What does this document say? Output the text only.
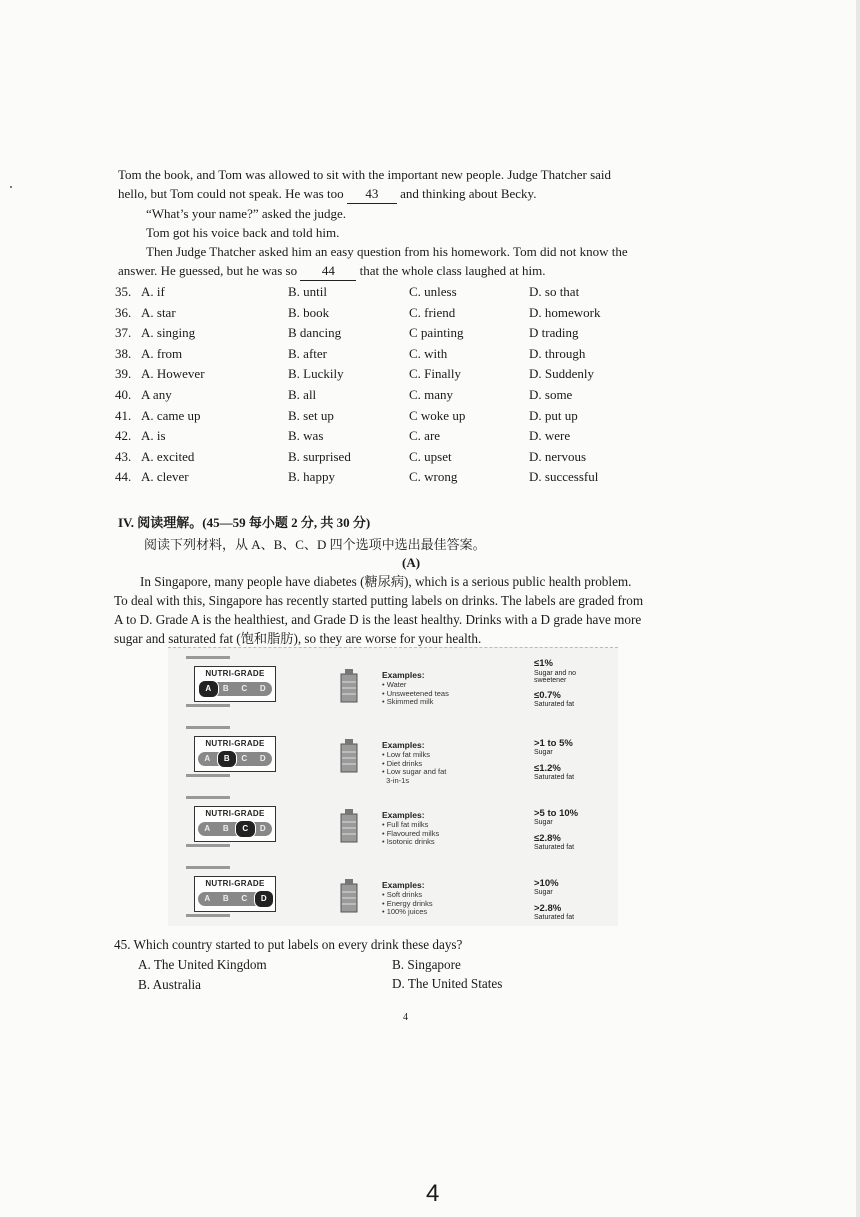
Tom the book, and Tom was allowed to sit with the important new people. Judge Thatcher said
hello, but Tom could not speak. He was too 43 and thinking about Becky.
“What’s your name?” asked the judge.
Tom got his voice back and told him.
Then Judge Thatcher asked him an easy question from his homework. Tom did not know the
answer. He guessed, but he was so 44 that the whole class laughed at him.
35. A. if	B. until	C. unless	D. so that
36. A. star	B. book	C. friend	D. homework
37. A. singing	B dancing	C painting	D trading
38. A. from	B. after	C. with	D. through
39. A. However	B. Luckily	C. Finally	D. Suddenly
40. A any	B. all	C. many	D. some
41. A. came up	B. set up	C woke up	D. put up
42. A. is	B. was	C. are	D. were
43. A. excited	B. surprised	C. upset	D. nervous
44. A. clever	B. happy	C. wrong	D. successful
IV. 阅读理解。(45—59 每小题 2 分, 共 30 分)
阅读下列材料，从 A、B、C、D 四个选项中选出最佳答案。
(A)
In Singapore, many people have diabetes (糖尿病), which is a serious public health problem.
To deal with this, Singapore has recently started putting labels on drinks. The labels are graded from
A to D. Grade A is the healthiest, and Grade D is the least healthy. Drinks with a D grade have more
sugar and saturated fat (饱和脂肪), so they are worse for your health.
NUTRI-GRADE
A	B	C	D
Examples:
• Water
• Unsweetened teas
• Skimmed milk
≤1%
Sugar and no sweetener
≤0.7%
Saturated fat
NUTRI-GRADE
A	B	C	D
Examples:
• Low fat milks
• Diet drinks
• Low sugar and fat
3-in-1s
>1 to 5%
Sugar
≤1.2%
Saturated fat
NUTRI-GRADE
A	B	C	D
Examples:
• Full fat milks
• Flavoured milks
• Isotonic drinks
>5 to 10%
Sugar
≤2.8%
Saturated fat
NUTRI-GRADE
A	B	C	D
Examples:
• Soft drinks
• Energy drinks
• 100% juices
>10%
Sugar
>2.8%
Saturated fat
45. Which country started to put labels on every drink these days?
A. The United Kingdom	B. Singapore
B. Australia	D. The United States
4
4
